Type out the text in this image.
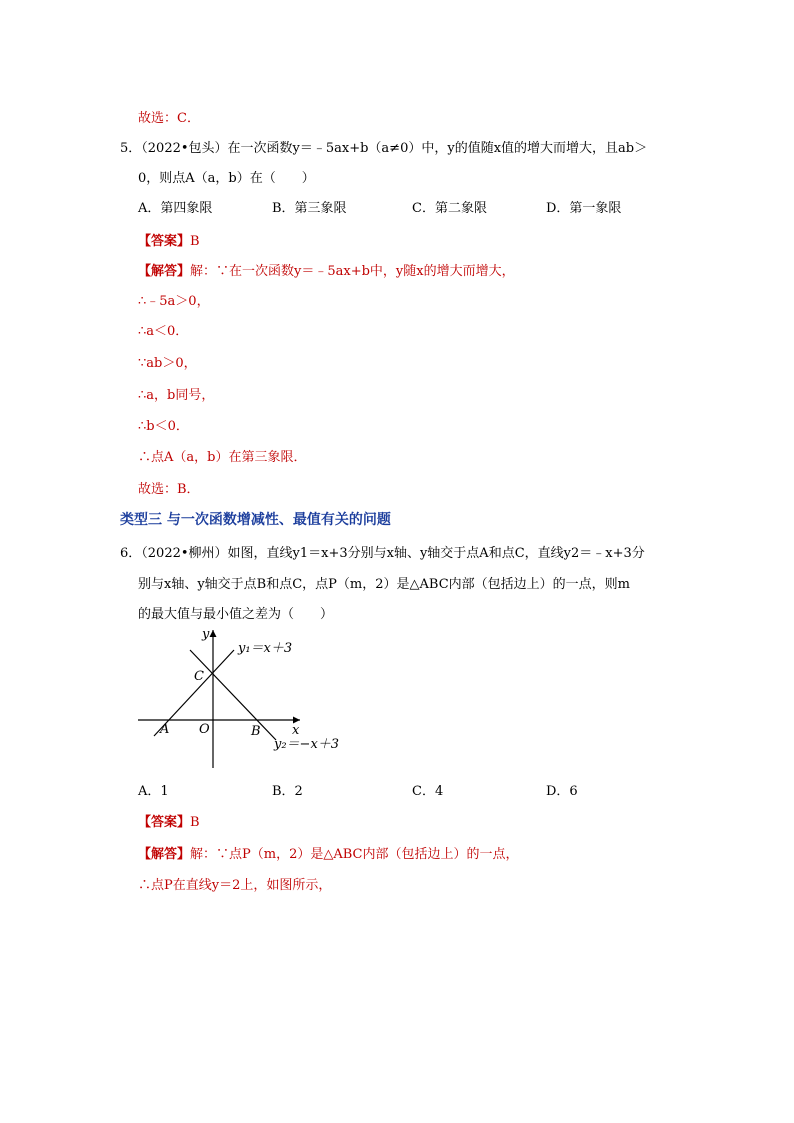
故选：C．
5．（2022•包头）在一次函数y＝﹣5ax+b（a≠0）中，y的值随x值的增大而增大，且ab＞
0，则点A（a，b）在（　　）
A．第四象限	B．第三象限	C．第二象限	D．第一象限
【答案】B
【解答】解：∵在一次函数y＝﹣5ax+b中，y随x的增大而增大，
∴﹣5a＞0，
∴a＜0．
∵ab＞0，
∴a，b同号，
∴b＜0．
∴点A（a，b）在第三象限．
故选：B．
类型三 与一次函数增减性、最值有关的问题
6．（2022•柳州）如图，直线y1＝x+3分别与x轴、y轴交于点A和点C，直线y2＝﹣x+3分
别与x轴、y轴交于点B和点C，点P（m，2）是△ABC内部（包括边上）的一点，则m
的最大值与最小值之差为（　　）
y
x
y₁＝x＋3
y₂＝−x＋3
A O	B
C
A．1	B．2	C．4	D．6
【答案】B
【解答】解：∵点P（m，2）是△ABC内部（包括边上）的一点，
∴点P在直线y＝2上，如图所示，
